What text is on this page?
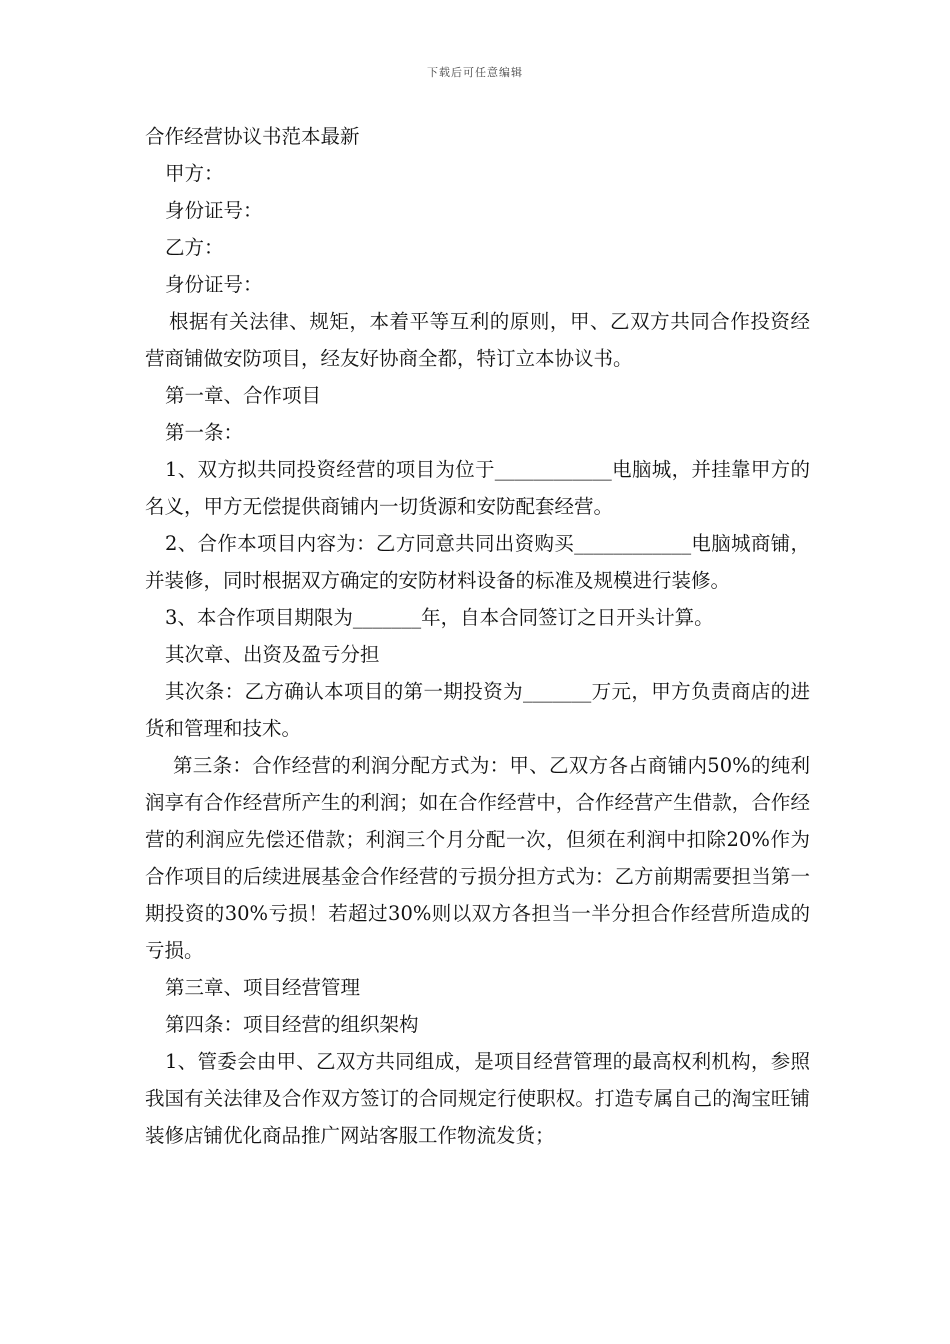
下载后可任意编辑

合作经营协议书范本最新

甲方：

身份证号：

乙方：

身份证号：

根据有关法律、规矩，本着平等互利的原则，甲、乙双方共同合作投资经营商铺做安防项目，经友好协商全都，特订立本协议书。

第一章、合作项目

第一条：

1、双方拟共同投资经营的项目为位于____________电脑城，并挂靠甲方的名义，甲方无偿提供商铺内一切货源和安防配套经营。

2、合作本项目内容为：乙方同意共同出资购买____________电脑城商铺，并装修，同时根据双方确定的安防材料设备的标准及规模进行装修。

3、本合作项目期限为_______年，自本合同签订之日开头计算。

其次章、出资及盈亏分担

其次条：乙方确认本项目的第一期投资为_______万元，甲方负责商店的进货和管理和技术。

第三条：合作经营的利润分配方式为：甲、乙双方各占商铺内50%的纯利润享有合作经营所产生的利润；如在合作经营中，合作经营产生借款，合作经营的利润应先偿还借款；利润三个月分配一次，但须在利润中扣除20%作为合作项目的后续进展基金合作经营的亏损分担方式为：乙方前期需要担当第一期投资的30%亏损！若超过30%则以双方各担当一半分担合作经营所造成的亏损。

第三章、项目经营管理

第四条：项目经营的组织架构

1、管委会由甲、乙双方共同组成，是项目经营管理的最高权利机构，参照我国有关法律及合作双方签订的合同规定行使职权。打造专属自己的淘宝旺铺装修店铺优化商品推广网站客服工作物流发货；
